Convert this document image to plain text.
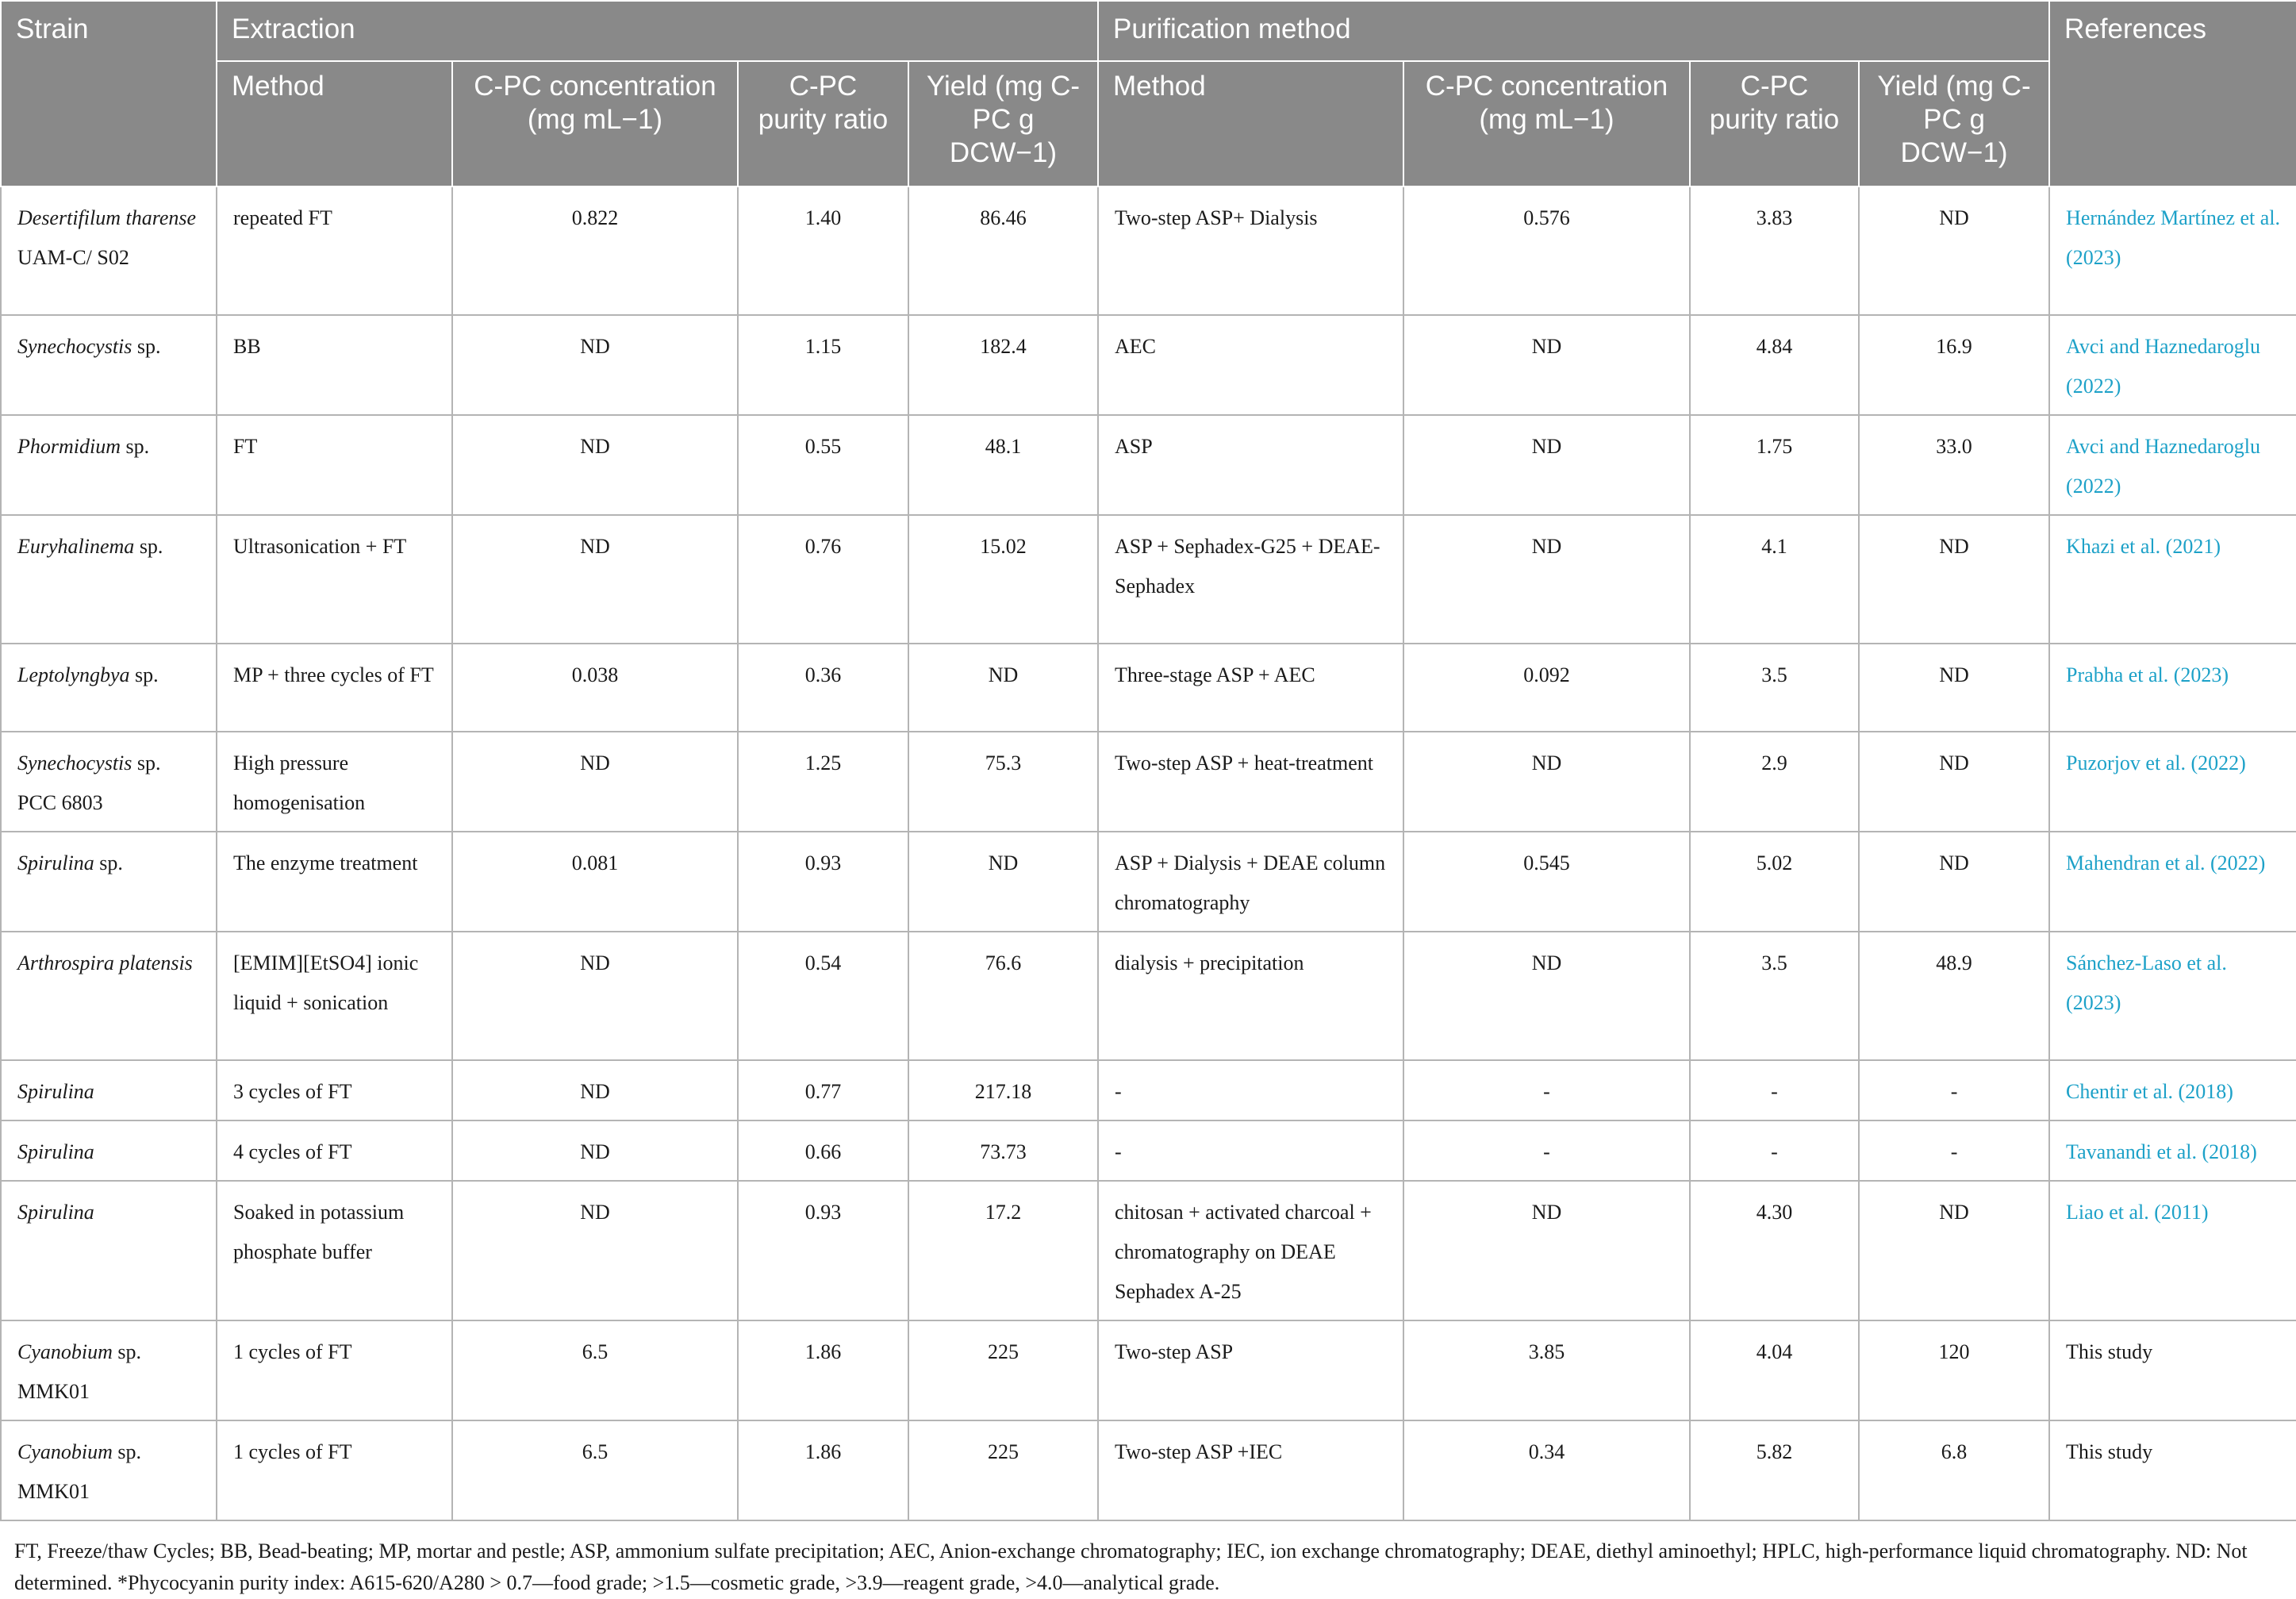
Strain	Extraction				Purification method				References
	Method	C-PC concentration (mg mL−1)	C-PC purity ratio	Yield (mg C-PC g DCW−1)	Method	C-PC concentration (mg mL−1)	C-PC purity ratio	Yield (mg C-PC g DCW−1)	
Desertifilum tharense UAM-C/ S02	repeated FT	0.822	1.40	86.46	Two-step ASP+ Dialysis	0.576	3.83	ND	Hernández Martínez et al. (2023)
Synechocystis sp.	BB	ND	1.15	182.4	AEC	ND	4.84	16.9	Avci and Haznedaroglu (2022)
Phormidium sp.	FT	ND	0.55	48.1	ASP	ND	1.75	33.0	Avci and Haznedaroglu (2022)
Euryhalinema sp.	Ultrasonication + FT	ND	0.76	15.02	ASP + Sephadex-G25 + DEAE-Sephadex	ND	4.1	ND	Khazi et al. (2021)
Leptolyngbya sp.	MP + three cycles of FT	0.038	0.36	ND	Three-stage ASP + AEC	0.092	3.5	ND	Prabha et al. (2023)
Synechocystis sp. PCC 6803	High pressure homogenisation	ND	1.25	75.3	Two-step ASP + heat-treatment	ND	2.9	ND	Puzorjov et al. (2022)
Spirulina sp.	The enzyme treatment	0.081	0.93	ND	ASP + Dialysis + DEAE column chromatography	0.545	5.02	ND	Mahendran et al. (2022)
Arthrospira platensis	[EMIM][EtSO4] ionic liquid + sonication	ND	0.54	76.6	dialysis + precipitation	ND	3.5	48.9	Sánchez-Laso et al. (2023)
Spirulina	3 cycles of FT	ND	0.77	217.18	-	-	-	-	Chentir et al. (2018)
Spirulina	4 cycles of FT	ND	0.66	73.73	-	-	-	-	Tavanandi et al. (2018)
Spirulina	Soaked in potassium phosphate buffer	ND	0.93	17.2	chitosan + activated charcoal + chromatography on DEAE Sephadex A-25	ND	4.30	ND	Liao et al. (2011)
Cyanobium sp. MMK01	1 cycles of FT	6.5	1.86	225	Two-step ASP	3.85	4.04	120	This study
Cyanobium sp. MMK01	1 cycles of FT	6.5	1.86	225	Two-step ASP +IEC	0.34	5.82	6.8	This study
FT, Freeze/thaw Cycles; BB, Bead-beating; MP, mortar and pestle; ASP, ammonium sulfate precipitation; AEC, Anion-exchange chromatography; IEC, ion exchange chromatography; DEAE, diethyl aminoethyl; HPLC, high-performance liquid chromatography. ND: Not determined. *Phycocyanin purity index: A615-620/A280 > 0.7—food grade; >1.5—cosmetic grade, >3.9—reagent grade, >4.0—analytical grade.
